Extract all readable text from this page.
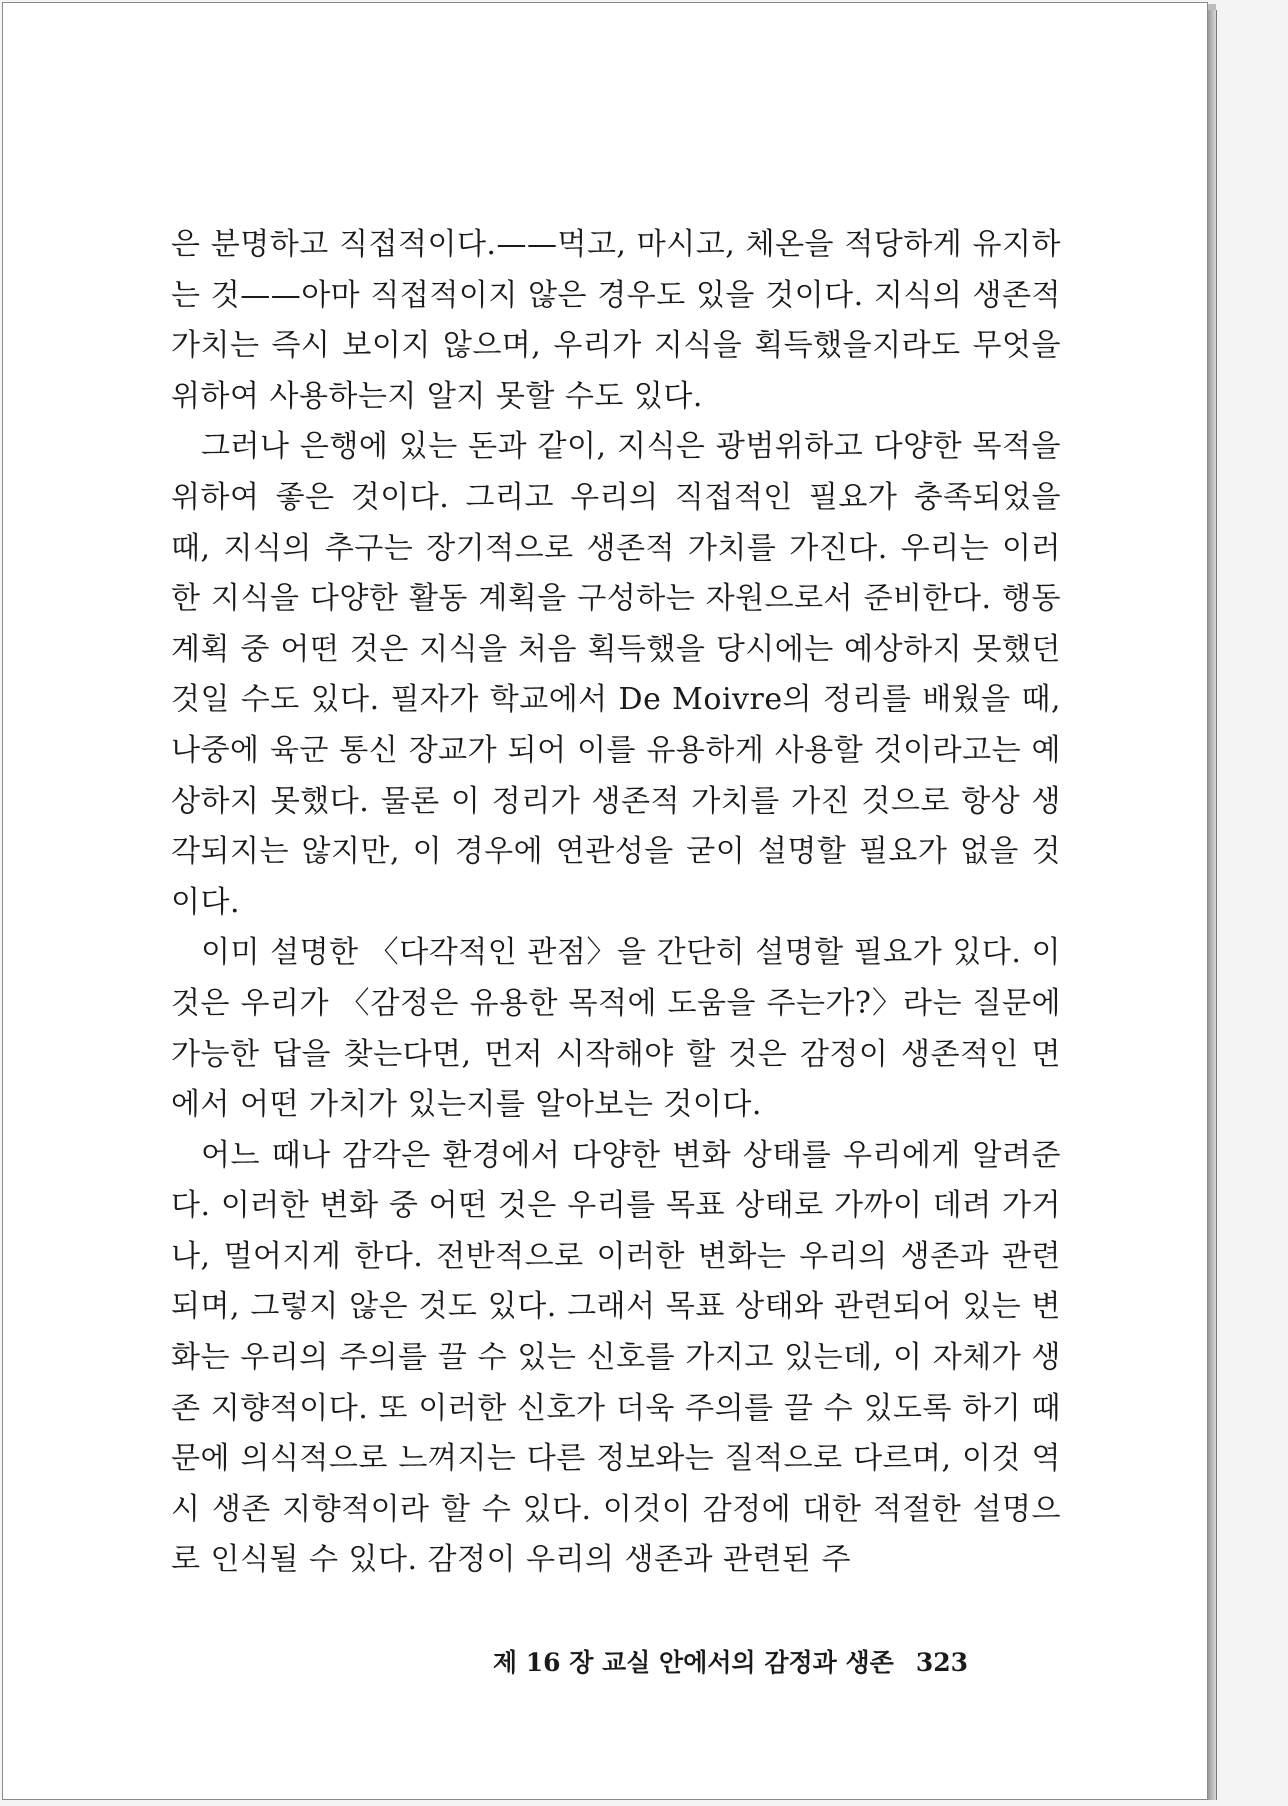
은 분명하고 직접적이다.——먹고, 마시고, 체온을 적당하게 유지하는 것——아마 직접적이지 않은 경우도 있을 것이다. 지식의 생존적 가치는 즉시 보이지 않으며, 우리가 지식을 획득했을지라도 무엇을 위하여 사용하는지 알지 못할 수도 있다.

그러나 은행에 있는 돈과 같이, 지식은 광범위하고 다양한 목적을 위하여 좋은 것이다. 그리고 우리의 직접적인 필요가 충족되었을 때, 지식의 추구는 장기적으로 생존적 가치를 가진다. 우리는 이러한 지식을 다양한 활동 계획을 구성하는 자원으로서 준비한다. 행동 계획 중 어떤 것은 지식을 처음 획득했을 당시에는 예상하지 못했던 것일 수도 있다. 필자가 학교에서 De Moivre의 정리를 배웠을 때, 나중에 육군 통신 장교가 되어 이를 유용하게 사용할 것이라고는 예상하지 못했다. 물론 이 정리가 생존적 가치를 가진 것으로 항상 생각되지는 않지만, 이 경우에 연관성을 굳이 설명할 필요가 없을 것이다.

이미 설명한 〈다각적인 관점〉을 간단히 설명할 필요가 있다. 이것은 우리가 〈감정은 유용한 목적에 도움을 주는가?〉라는 질문에 가능한 답을 찾는다면, 먼저 시작해야 할 것은 감정이 생존적인 면에서 어떤 가치가 있는지를 알아보는 것이다.

어느 때나 감각은 환경에서 다양한 변화 상태를 우리에게 알려준다. 이러한 변화 중 어떤 것은 우리를 목표 상태로 가까이 데려 가거나, 멀어지게 한다. 전반적으로 이러한 변화는 우리의 생존과 관련되며, 그렇지 않은 것도 있다. 그래서 목표 상태와 관련되어 있는 변화는 우리의 주의를 끌 수 있는 신호를 가지고 있는데, 이 자체가 생존 지향적이다. 또 이러한 신호가 더욱 주의를 끌 수 있도록 하기 때문에 의식적으로 느껴지는 다른 정보와는 질적으로 다르며, 이것 역시 생존 지향적이라 할 수 있다. 이것이 감정에 대한 적절한 설명으로 인식될 수 있다. 감정이 우리의 생존과 관련된 주

제 16 장 교실 안에서의 감정과 생존 323
